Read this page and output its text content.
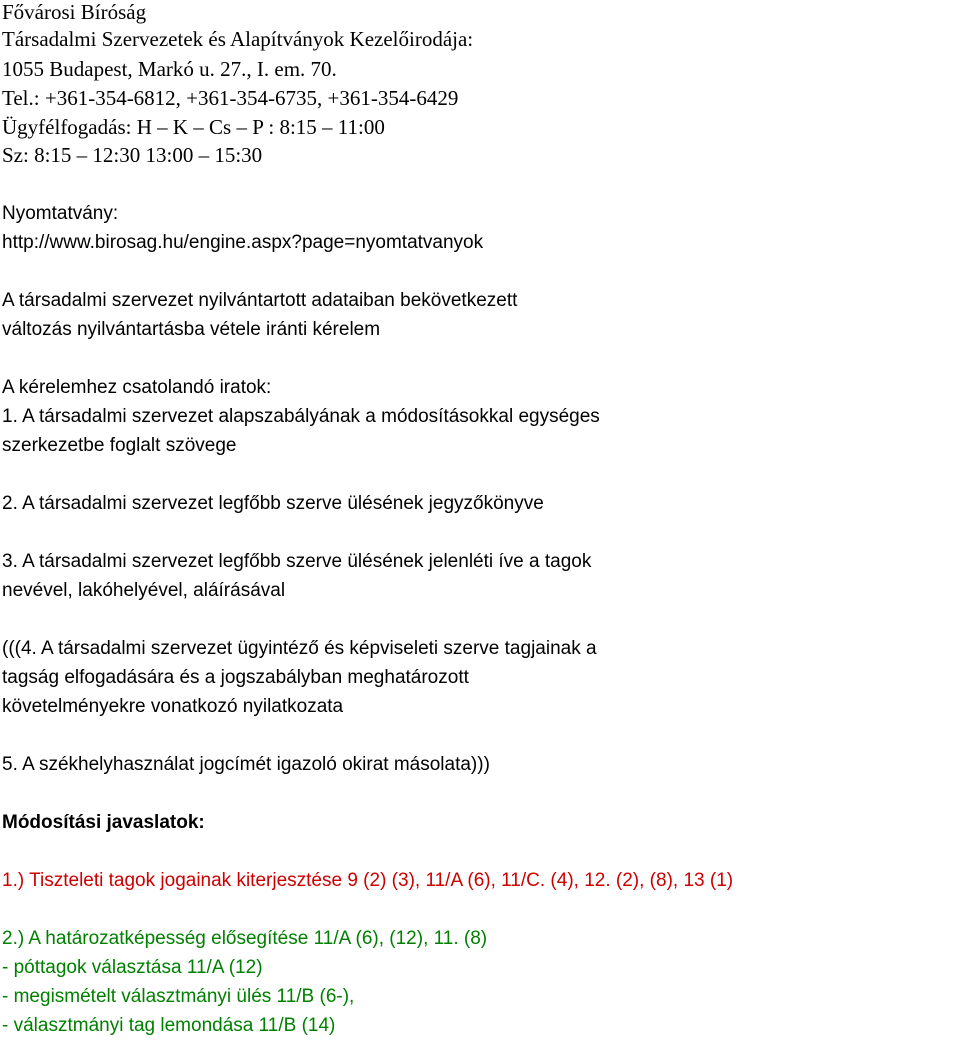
Fővárosi Bíróság
Társadalmi Szervezetek és Alapítványok Kezelőirodája:
1055 Budapest, Markó u. 27., I. em. 70.
Tel.: +361-354-6812, +361-354-6735, +361-354-6429
Ügyfélfogadás: H – K – Cs – P : 8:15 – 11:00
Sz: 8:15 – 12:30 13:00 – 15:30
Nyomtatvány:
http://www.birosag.hu/engine.aspx?page=nyomtatvanyok
A társadalmi szervezet nyilvántartott adataiban bekövetkezett
változás nyilvántartásba vétele iránti kérelem
A kérelemhez csatolandó iratok:
1. A társadalmi szervezet alapszabályának a módosításokkal egységes
szerkezetbe foglalt szövege
2. A társadalmi szervezet legfőbb szerve ülésének jegyzőkönyve
3. A társadalmi szervezet legfőbb szerve ülésének jelenléti íve a tagok
nevével, lakóhelyével, aláírásával
(((4. A társadalmi szervezet ügyintéző és képviseleti szerve tagjainak a
tagság elfogadására és a jogszabályban meghatározott
követelményekre vonatkozó nyilatkozata
5. A székhelyhasználat jogcímét igazoló okirat másolata)))
Módosítási javaslatok:
1.) Tiszteleti tagok jogainak kiterjesztése 9 (2) (3), 11/A (6), 11/C. (4), 12. (2), (8), 13 (1)
2.) A határozatképesség elősegítése 11/A (6), (12), 11. (8)
- póttagok választása 11/A (12)
- megismételt választmányi ülés 11/B (6-),
- választmányi tag lemondása 11/B (14)
